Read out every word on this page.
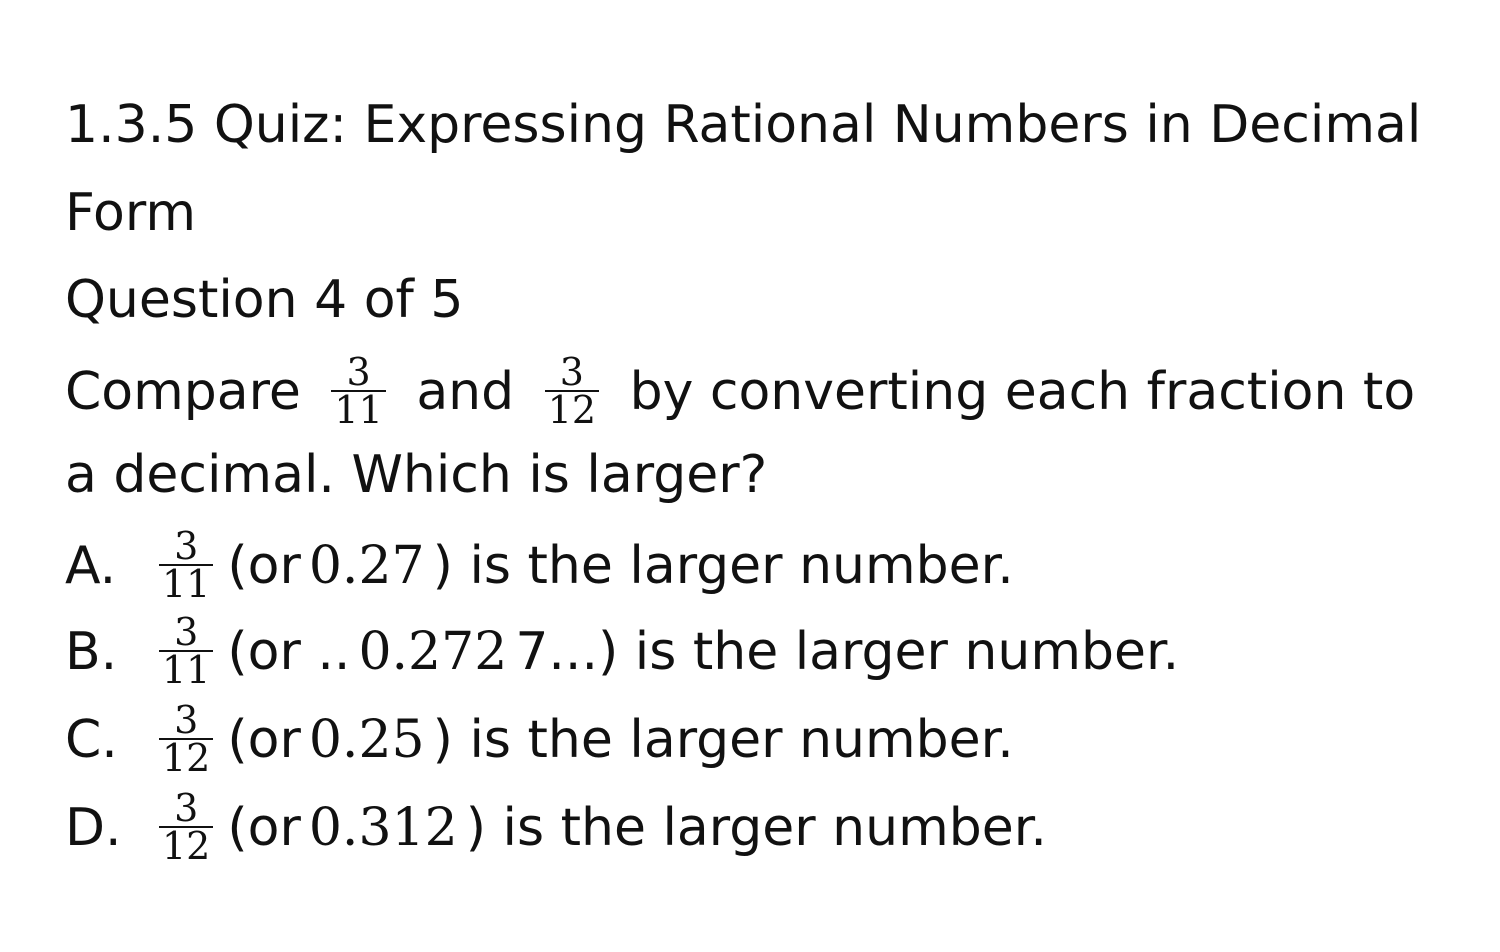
1.3.5 Quiz: Expressing Rational Numbers in Decimal
Form
Question 4 of 5
Compare $\frac{3}{11}$ and $\frac{3}{12}$ by converting each fraction to
a decimal. Which is larger?
A. $\frac{3}{11} (or$ 0.27 ) is the larger number.
B. $\frac{3}{11} (or$ .. 0.272 7...) is the larger number.
C. $\frac{3}{12} (or$ 0.25 ) is the larger number.
D. $\frac{3}{12} (or$ 0.312 ) is the larger number.
